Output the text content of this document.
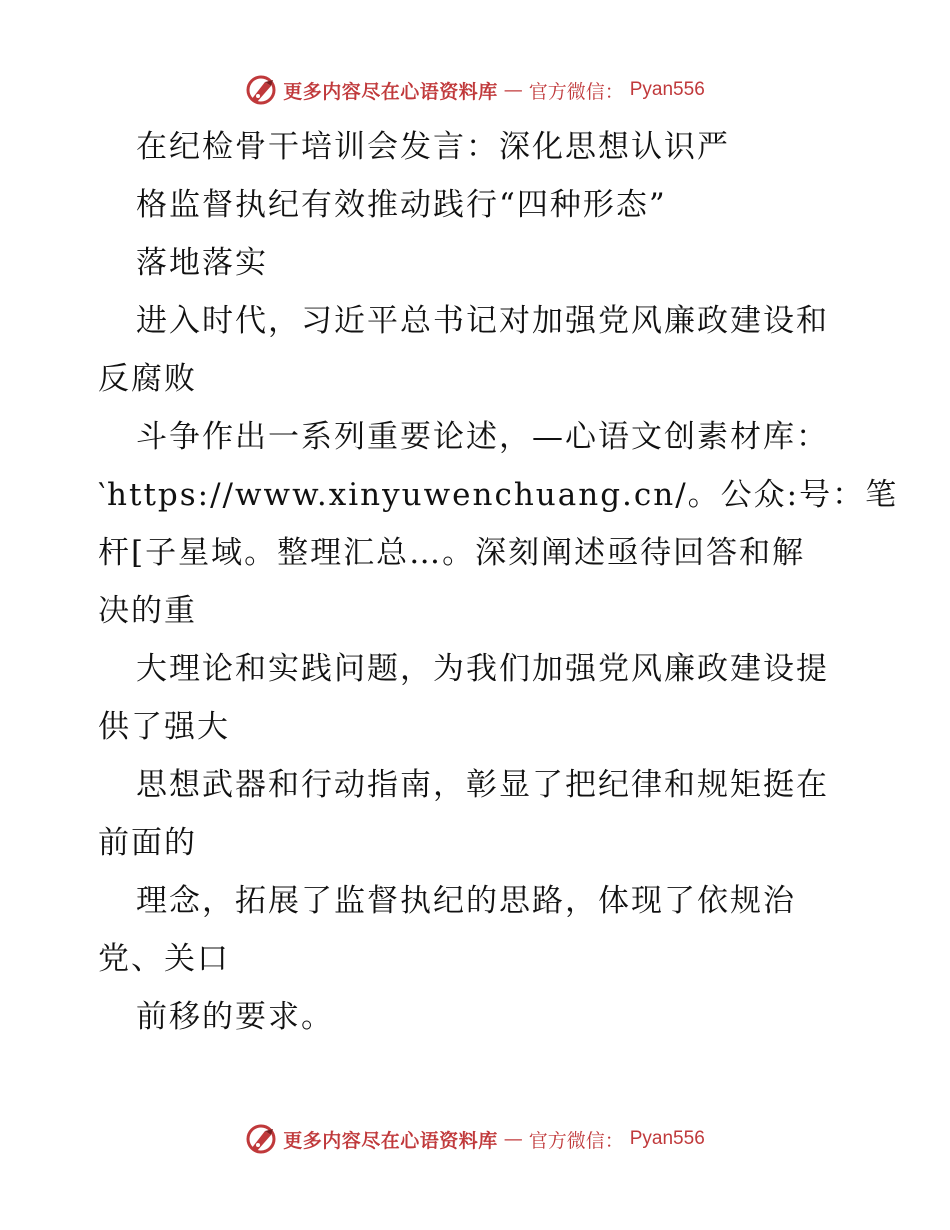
更多内容尽在心语资料库 — 官方微信： Pyan556
在纪检骨干培训会发言：深化思想认识严
格监督执纪有效推动践行“四种形态”
落地落实
进入时代，习近平总书记对加强党风廉政建设和
反腐败
斗争作出一系列重要论述，—心语文创素材库：
‵https://www.xinyuwenchuang.cn/。公众:号：笔
杆[子星域。整理汇总…。深刻阐述亟待回答和解
决的重
大理论和实践问题，为我们加强党风廉政建设提
供了强大
思想武器和行动指南，彰显了把纪律和规矩挺在
前面的
理念，拓展了监督执纪的思路，体现了依规治
党、关口
前移的要求。
更多内容尽在心语资料库 — 官方微信： Pyan556
